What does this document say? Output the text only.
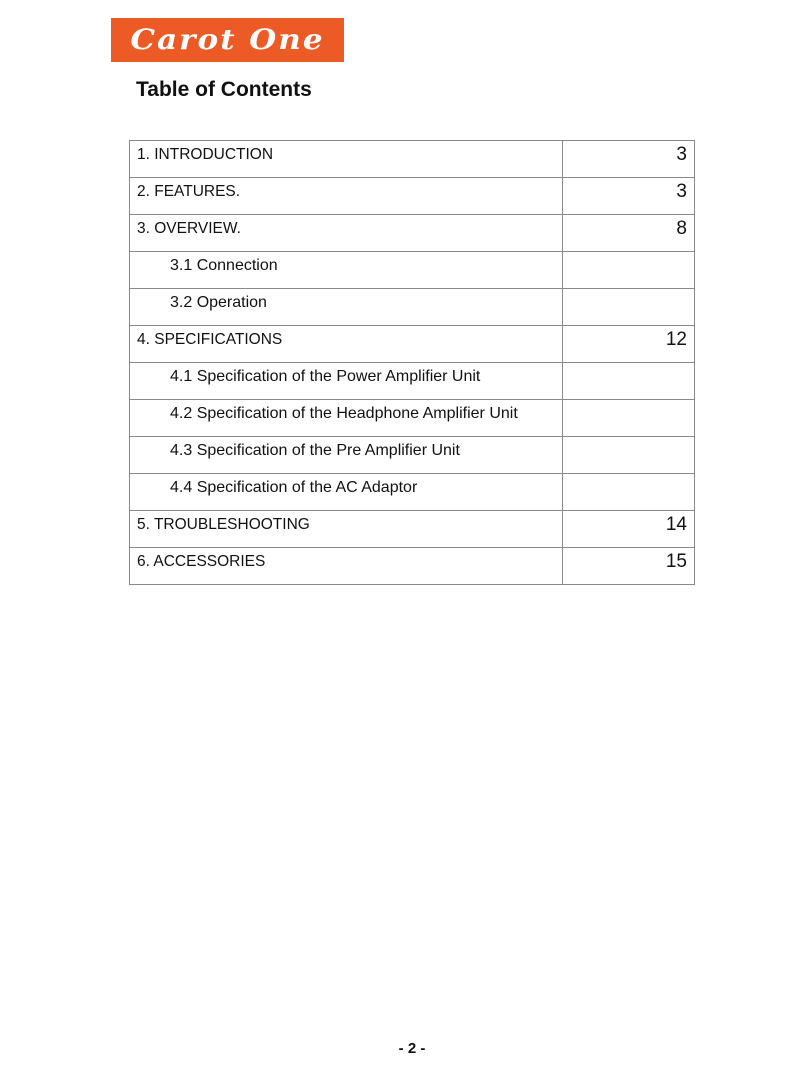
Carot One
Table of Contents
1. INTRODUCTION	3
2. FEATURES.	3
3. OVERVIEW.	8
3.1 Connection	
3.2 Operation	
4. SPECIFICATIONS	12
4.1 Specification of the Power Amplifier Unit	
4.2 Specification of the Headphone Amplifier Unit	
4.3 Specification of the Pre Amplifier Unit	
4.4 Specification of the AC Adaptor	
5. TROUBLESHOOTING	14
6. ACCESSORIES	15
- 2 -
